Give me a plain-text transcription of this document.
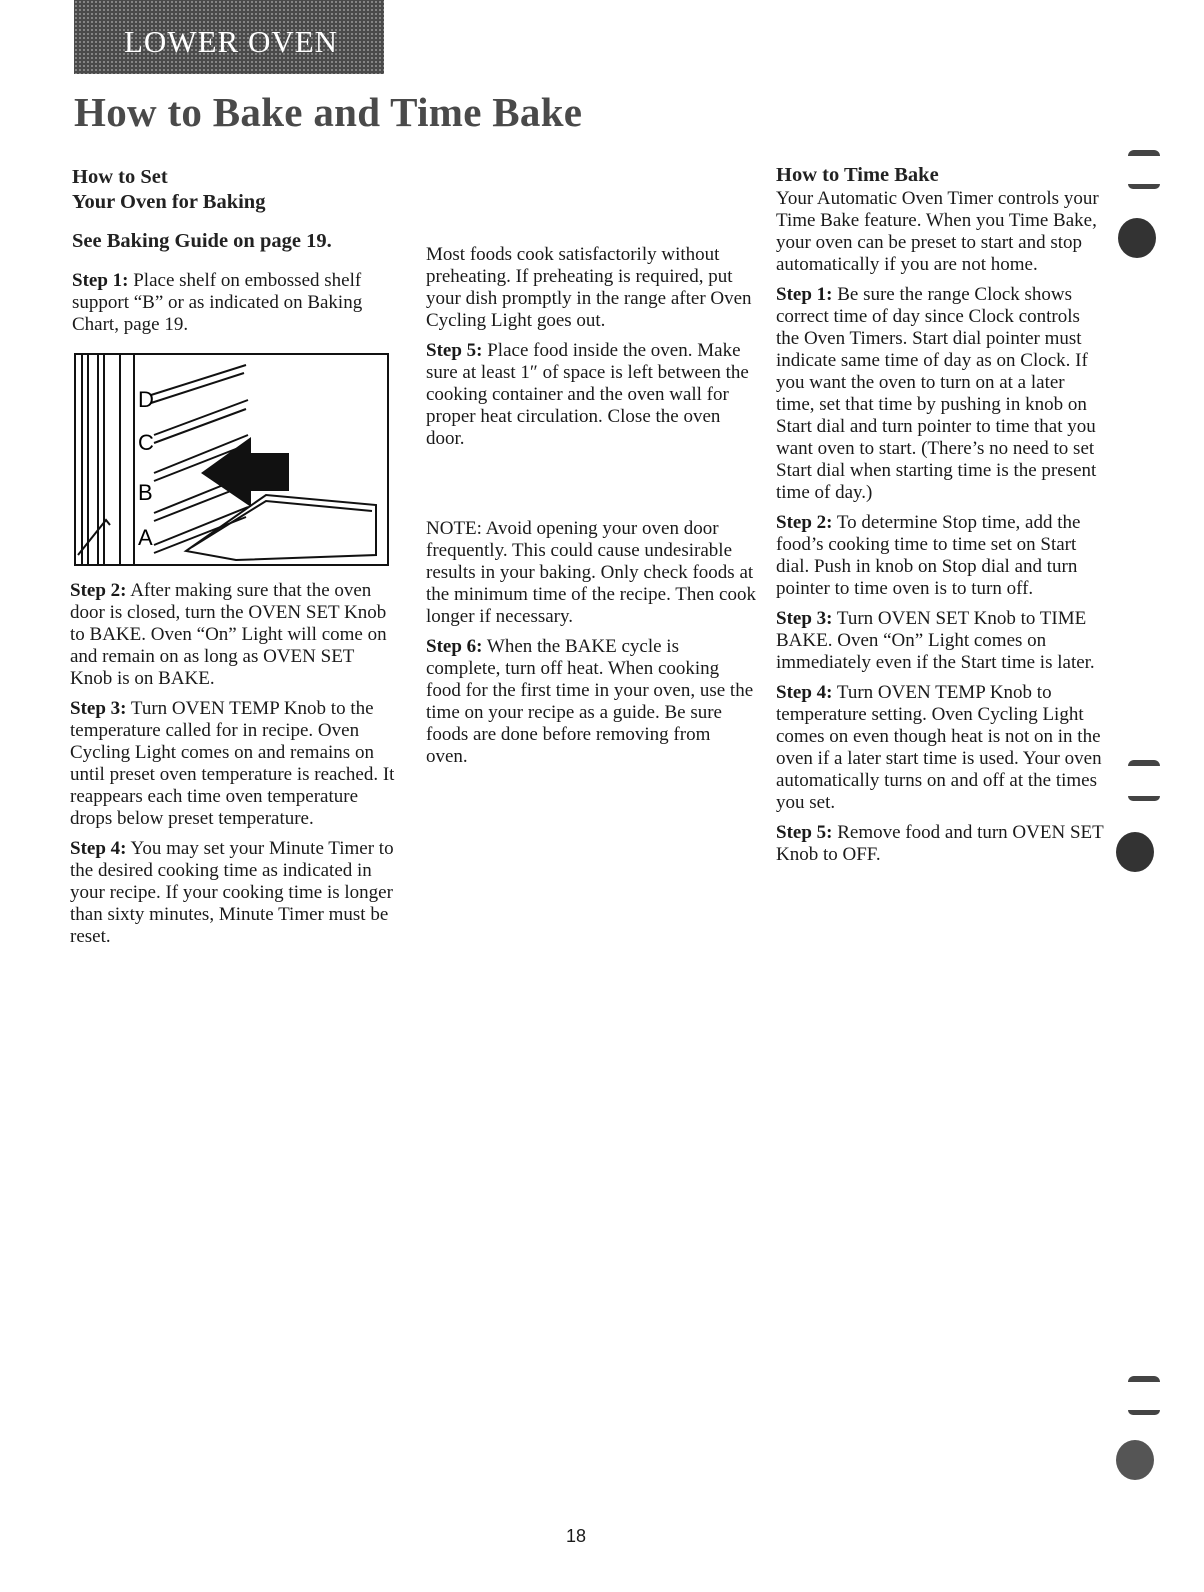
LOWER OVEN
How to Bake and Time Bake
How to Set
Your Oven for Baking
See Baking Guide on page 19.

Step 1: Place shelf on embossed shelf support “B” or as indicated on Baking Chart, page 19.

D
C
B
A

Step 2: After making sure that the oven door is closed, turn the OVEN SET Knob to BAKE. Oven “On” Light will come on and remain on as long as OVEN SET Knob is on BAKE.

Step 3: Turn OVEN TEMP Knob to the temperature called for in recipe. Oven Cycling Light comes on and remains on until preset oven temperature is reached. It reappears each time oven temperature drops below preset temperature.

Step 4: You may set your Minute Timer to the desired cooking time as indicated in your recipe. If your cooking time is longer than sixty minutes, Minute Timer must be reset.

Most foods cook satisfactorily without preheating. If preheating is required, put your dish promptly in the range after Oven Cycling Light goes out.

Step 5: Place food inside the oven. Make sure at least 1″ of space is left between the cooking container and the oven wall for proper heat circulation. Close the oven door.

NOTE: Avoid opening your oven door frequently. This could cause undesirable results in your baking. Only check foods at the minimum time of the recipe. Then cook longer if necessary.

Step 6: When the BAKE cycle is complete, turn off heat. When cooking food for the first time in your oven, use the time on your recipe as a guide. Be sure foods are done before removing from oven.

How to Time Bake

Your Automatic Oven Timer controls your Time Bake feature. When you Time Bake, your oven can be preset to start and stop automatically if you are not home.

Step 1: Be sure the range Clock shows correct time of day since Clock controls the Oven Timers. Start dial pointer must indicate same time of day as on Clock. If you want the oven to turn on at a later time, set that time by pushing in knob on Start dial and turn pointer to time that you want oven to start. (There’s no need to set Start dial when starting time is the present time of day.)

Step 2: To determine Stop time, add the food’s cooking time to time set on Start dial. Push in knob on Stop dial and turn pointer to time oven is to turn off.

Step 3: Turn OVEN SET Knob to TIME BAKE. Oven “On” Light comes on immediately even if the Start time is later.

Step 4: Turn OVEN TEMP Knob to temperature setting. Oven Cycling Light comes on even though heat is not on in the oven if a later start time is used. Your oven automatically turns on and off at the times you set.

Step 5: Remove food and turn OVEN SET Knob to OFF.

18
